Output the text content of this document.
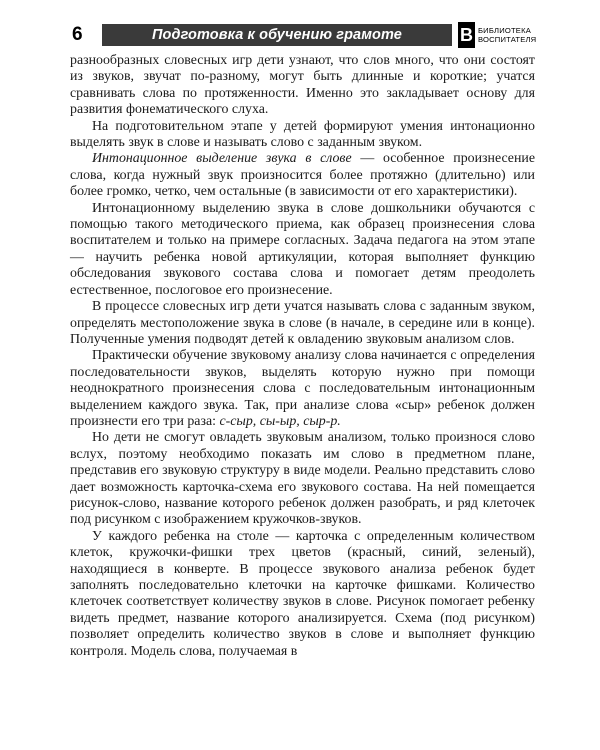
6	Подготовка к обучению грамоте	В БИБЛИОТЕКА
ВОСПИТАТЕЛЯ

разнообразных словесных игр дети узнают, что слов много, что они состоят из звуков, звучат по-разному, могут быть длинные и короткие; учатся сравнивать слова по протяженности. Именно это закладывает основу для развития фонематического слуха.

На подготовительном этапе у детей формируют умения интонационно выделять звук в слове и называть слово с заданным звуком.

Интонационное выделение звука в слове — особенное произнесение слова, когда нужный звук произносится более протяжно (длительно) или более громко, четко, чем остальные (в зависимости от его характеристики).

Интонационному выделению звука в слове дошкольники обучаются с помощью такого методического приема, как образец произнесения слова воспитателем и только на примере согласных. Задача педагога на этом этапе — научить ребенка новой артикуляции, которая выполняет функцию обследования звукового состава слова и помогает детям преодолеть естественное, послоговое его произнесение.

В процессе словесных игр дети учатся называть слова с заданным звуком, определять местоположение звука в слове (в начале, в середине или в конце). Полученные умения подводят детей к овладению звуковым анализом слов.

Практически обучение звуковому анализу слова начинается с определения последовательности звуков, выделять которую нужно при помощи неоднократного произнесения слова с последовательным интонационным выделением каждого звука. Так, при анализе слова «сыр» ребенок должен произнести его три раза: с-сыр, сы-ыр, сыр-р.

Но дети не смогут овладеть звуковым анализом, только произнося слово вслух, поэтому необходимо показать им слово в предметном плане, представив его звуковую структуру в виде модели. Реально представить слово дает возможность карточка-схема его звукового состава. На ней помещается рисунок-слово, название которого ребенок должен разобрать, и ряд клеточек под рисунком с изображением кружочков-звуков.

У каждого ребенка на столе — карточка с определенным количеством клеток, кружочки-фишки трех цветов (красный, синий, зеленый), находящиеся в конверте. В процессе звукового анализа ребенок будет заполнять последовательно клеточки на карточке фишками. Количество клеточек соответствует количеству звуков в слове. Рисунок помогает ребенку видеть предмет, название которого анализируется. Схема (под рисунком) позволяет определить количество звуков в слове и выполняет функцию контроля. Модель слова, получаемая в
